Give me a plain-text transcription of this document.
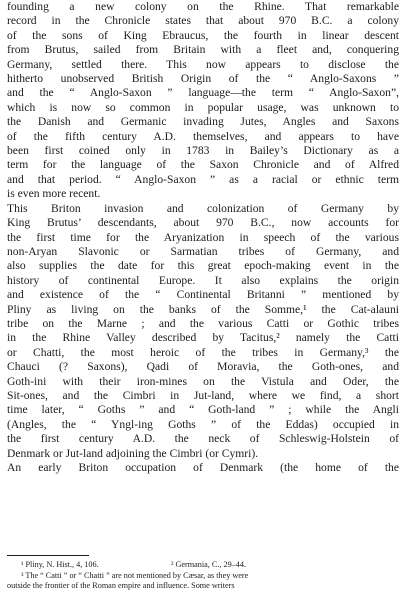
founding a new colony on the Rhine. That remarkable
record in the Chronicle states that about 970 B.C. a colony
of the sons of King Ebraucus, the fourth in linear descent
from Brutus, sailed from Britain with a fleet and, conquering
Germany, settled there. This now appears to disclose the
hitherto unobserved British Origin of the “ Anglo-Saxons ”
and the “ Anglo-Saxon ” language—the term “ Anglo-Saxon”,
which is now so common in popular usage, was unknown to
the Danish and Germanic invading Jutes, Angles and Saxons
of the fifth century A.D. themselves, and appears to have
been first coined only in 1783 in Bailey’s Dictionary as a
term for the language of the Saxon Chronicle and of Alfred
and that period. “ Anglo-Saxon ” as a racial or ethnic term
is even more recent.
This Briton invasion and colonization of Germany by
King Brutus’ descendants, about 970 B.C., now accounts for
the first time for the Aryanization in speech of the various
non-Aryan Slavonic or Sarmatian tribes of Germany, and
also supplies the date for this great epoch-making event in the
history of continental Europe. It also explains the origin
and existence of the “ Continental Britanni ” mentioned by
Pliny as living on the banks of the Somme,¹ the Cat-alauni
tribe on the Marne ; and the various Catti or Gothic tribes
in the Rhine Valley described by Tacitus,² namely the Catti
or Chatti, the most heroic of the tribes in Germany,³ the
Chauci (? Saxons), Qadi of Moravia, the Goth-ones, and
Goth-ini with their iron-mines on the Vistula and Oder, the
Sit-ones, and the Cimbri in Jut-land, where we find, a short
time later, “ Goths ” and “ Goth-land ” ; while the Angli
(Angles, the “ Yngl-ing Goths ” of the Eddas) occupied in
the first century A.D. the neck of Schleswig-Holstein of
Denmark or Jut-land adjoining the Cimbri (or Cymri).
An early Briton occupation of Denmark (the home of the
¹ Pliny, N. Hist., 4, 106.	² Germania, C., 29–44.
³ The “ Catti ” or “ Chatti ” are not mentioned by Cæsar, as they were
outside the frontier of the Roman empire and influence. Some writers
